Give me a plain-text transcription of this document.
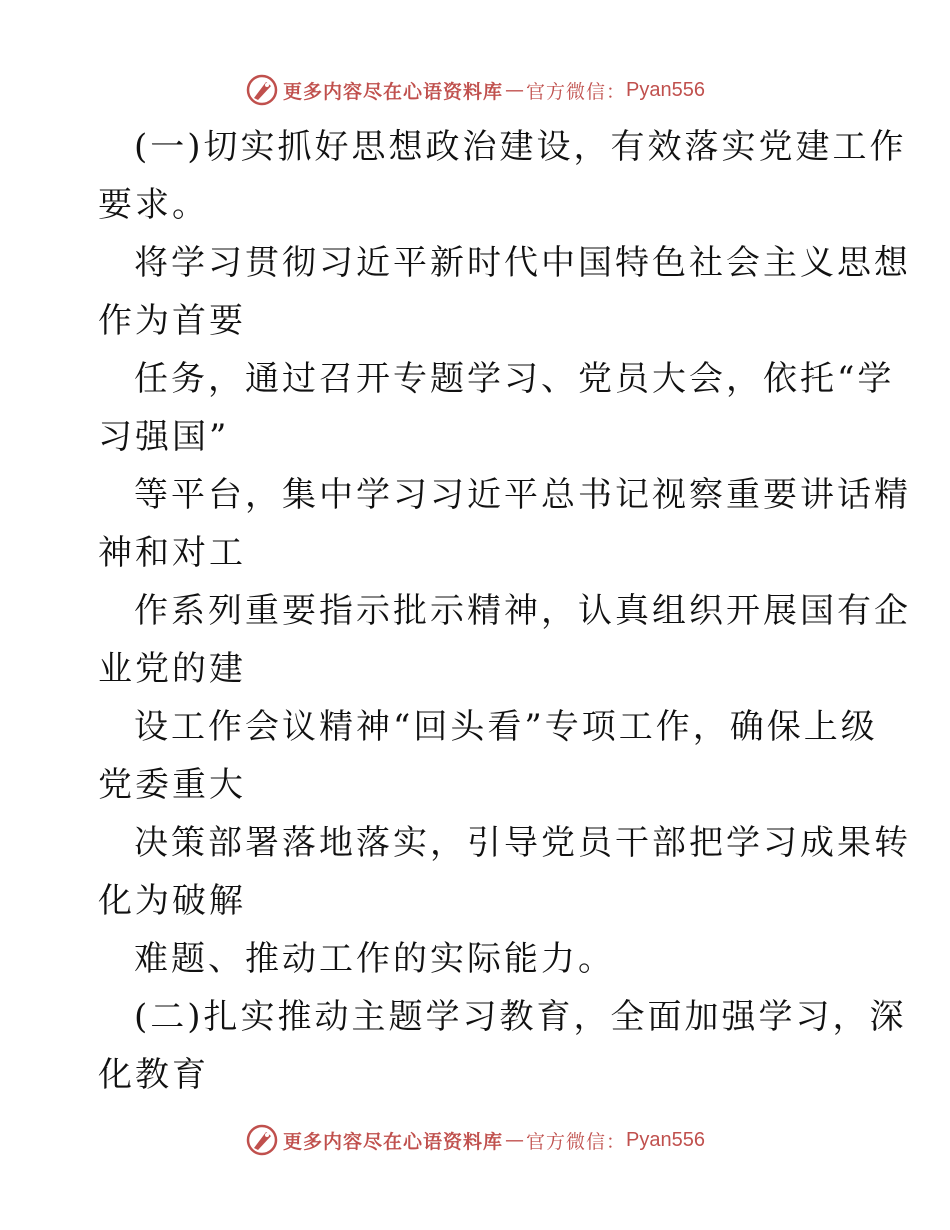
更多内容尽在心语资料库 — 官方微信： Pyan556
(一)切实抓好思想政治建设，有效落实党建工作
要求。
将学习贯彻习近平新时代中国特色社会主义思想
作为首要
任务，通过召开专题学习、党员大会，依托“学
习强国”
等平台，集中学习习近平总书记视察重要讲话精
神和对工
作系列重要指示批示精神，认真组织开展国有企
业党的建
设工作会议精神“回头看”专项工作，确保上级
党委重大
决策部署落地落实，引导党员干部把学习成果转
化为破解
难题、推动工作的实际能力。
(二)扎实推动主题学习教育，全面加强学习，深
化教育
更多内容尽在心语资料库 — 官方微信： Pyan556
